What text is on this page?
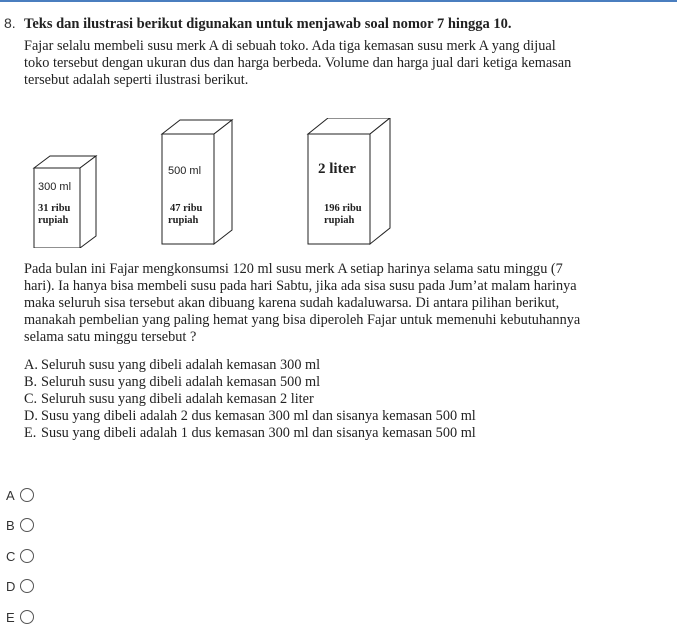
8. Teks dan ilustrasi berikut digunakan untuk menjawab soal nomor 7 hingga 10.
Fajar selalu membeli susu merk A di sebuah toko. Ada tiga kemasan susu merk A yang dijual
toko tersebut dengan ukuran dus dan harga berbeda. Volume dan harga jual dari ketiga kemasan
tersebut adalah seperti ilustrasi berikut.
300 ml
31 ribu
rupiah
500 ml
47 ribu
rupiah
2 liter
196 ribu
rupiah
Pada bulan ini Fajar mengkonsumsi 120 ml susu merk A setiap harinya selama satu minggu (7
hari). Ia hanya bisa membeli susu pada hari Sabtu, jika ada sisa susu pada Jum’at malam harinya
maka seluruh sisa tersebut akan dibuang karena sudah kadaluwarsa. Di antara pilihan berikut,
manakah pembelian yang paling hemat yang bisa diperoleh Fajar untuk memenuhi kebutuhannya
selama satu minggu tersebut ?
A. Seluruh susu yang dibeli adalah kemasan 300 ml
B. Seluruh susu yang dibeli adalah kemasan 500 ml
C. Seluruh susu yang dibeli adalah kemasan 2 liter
D. Susu yang dibeli adalah 2 dus kemasan 300 ml dan sisanya kemasan 500 ml
E. Susu yang dibeli adalah 1 dus kemasan 300 ml dan sisanya kemasan 500 ml
A
B
C
D
E
